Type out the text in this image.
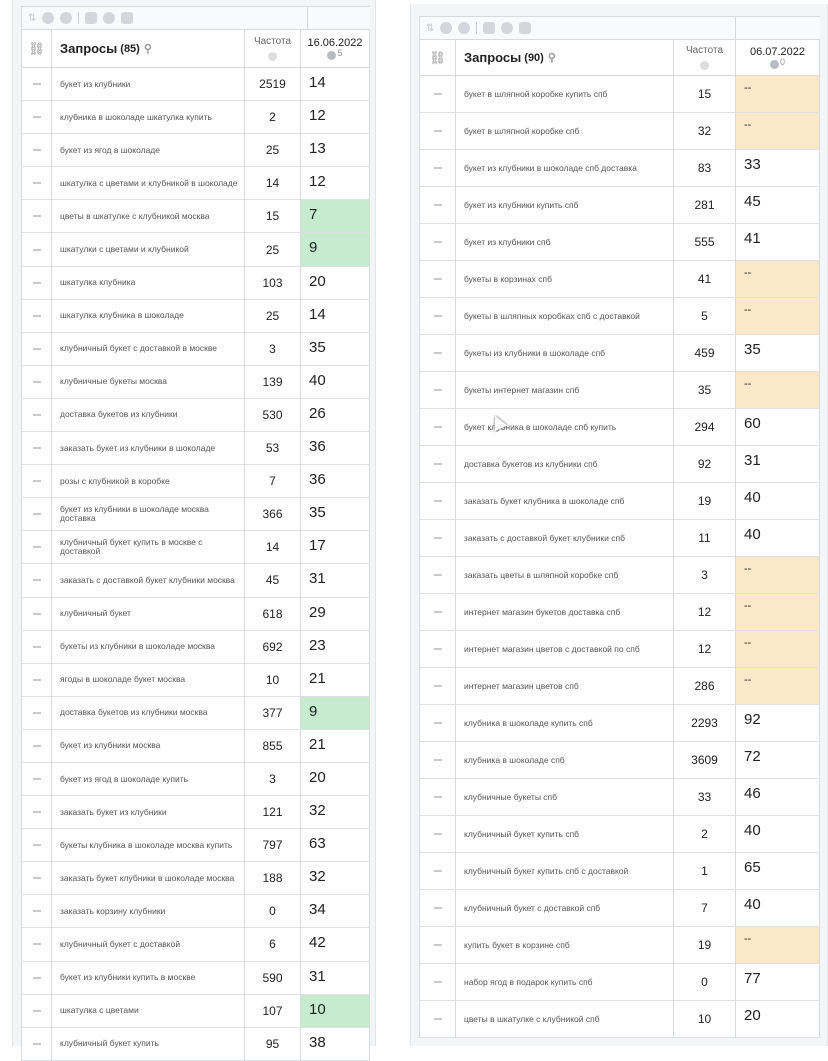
⇅
⛓ Запросы (85) ⚲
Частота 16.06.2022
5
букет из клубники	2519	14
клубника в шоколаде шкатулка купить	2	12
букет из ягод в шоколаде	25	13
шкатулка с цветами и клубникой в шоколаде	14	12
цветы в шкатулке с клубникой москва	15	7
шкатулки с цветами и клубникой	25	9
шкатулка клубника	103	20
шкатулка клубника в шоколаде	25	14
клубничный букет с доставкой в москве	3	35
клубничные букеты москва	139	40
доставка букетов из клубники	530	26
заказать букет из клубники в шоколаде	53	36
розы с клубникой в коробке	7	36
букет из клубники в шоколаде москва доставка	366	35
клубничный букет купить в москве с доставкой	14	17
заказать с доставкой букет клубники москва	45	31
клубничный букет	618	29
букеты из клубники в шоколаде москва	692	23
ягоды в шоколаде букет москва	10	21
доставка букетов из клубники москва	377	9
букет из клубники москва	855	21
букет из ягод в шоколаде купить	3	20
заказать букет из клубники	121	32
букеты клубника в шоколаде москва купить	797	63
заказать букет клубники в шоколаде москва	188	32
заказать корзину клубники	0	34
клубничный букет с доставкой	6	42
букет из клубники купить в москве	590	31
шкатулка с цветами	107	10
клубничный букет купить	95	38
⇅
⛓ Запросы (90) ⚲
Частота 06.07.2022
0
букет в шляпной коробке купить спб	15	--
букет в шляпной коробке спб	32	--
букет из клубники в шоколаде спб доставка	83	33
букет из клубники купить спб	281	45
букет из клубники спб	555	41
букеты в корзинах спб	41	--
букеты в шляпных коробках спб с доставкой	5	--
букеты из клубники в шоколаде спб	459	35
букеты интернет магазин спб	35	--
букет клубника в шоколаде спб купить	294	60
доставка букетов из клубники спб	92	31
заказать букет клубника в шоколаде спб	19	40
заказать с доставкой букет клубники спб	11	40
заказать цветы в шляпной коробке спб	3	--
интернет магазин букетов доставка спб	12	--
интернет магазин цветов с доставкой по спб	12	--
интернет магазин цветов спб	286	--
клубника в шоколаде купить спб	2293	92
клубника в шоколаде спб	3609	72
клубничные букеты спб	33	46
клубничный букет купить спб	2	40
клубничный букет купить спб с доставкой	1	65
клубничный букет с доставкой спб	7	40
купить букет в корзине спб	19	--
набор ягод в подарок купить спб	0	77
цветы в шкатулке с клубникой спб	10	20
